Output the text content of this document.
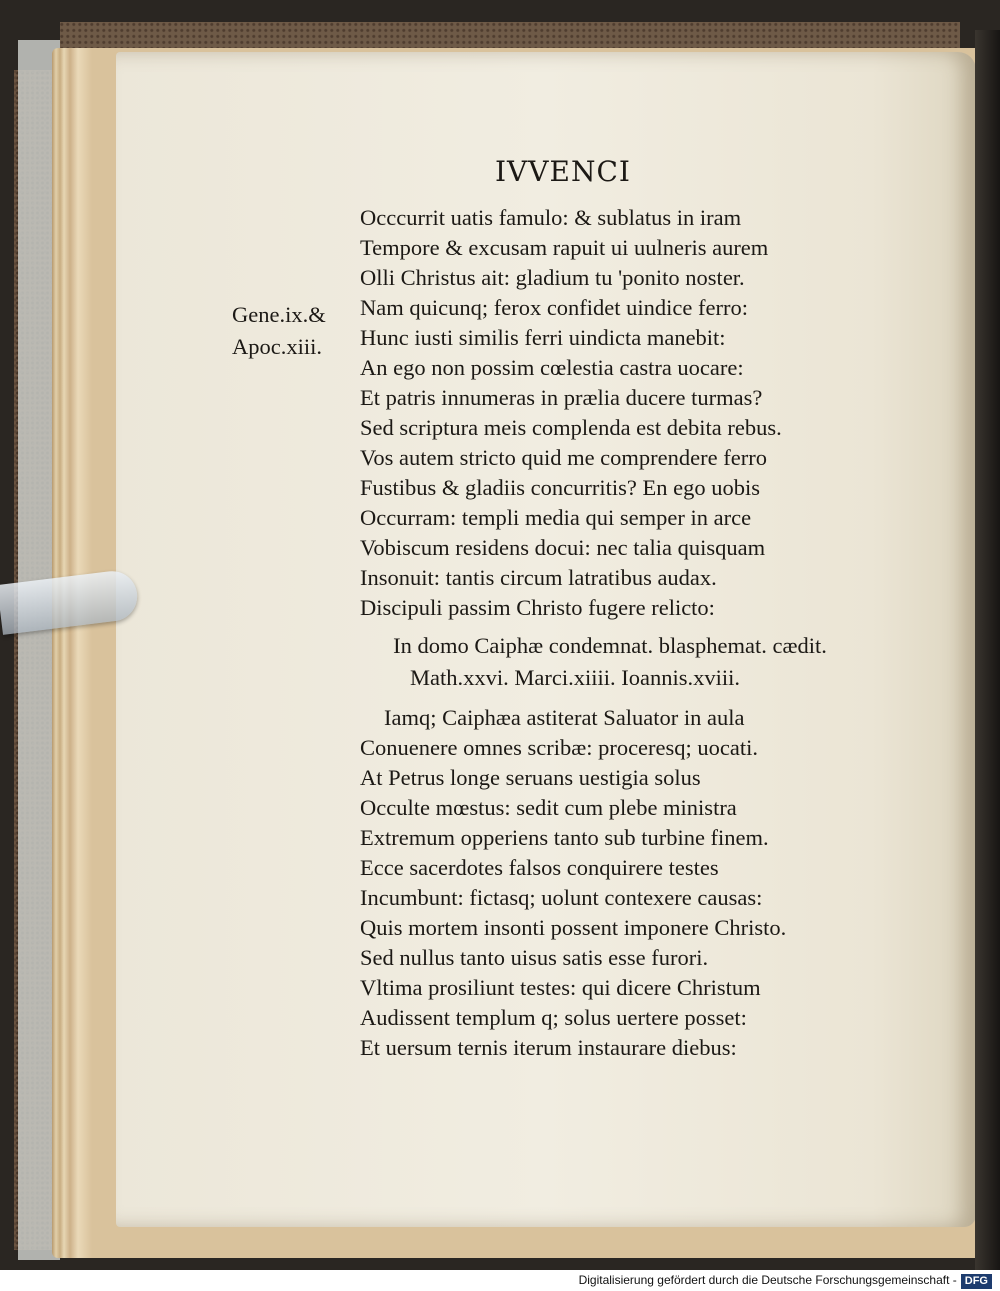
IVVENCI
Gene.ix.&
Apoc.xiii.
Occcurrit uatis famulo: & sublatus in iram
Tempore & excusam rapuit ui uulneris aurem
Olli Christus ait: gladium tu 'ponito noster.
Nam quicunq; ferox confidet uindice ferro:
Hunc iusti similis ferri uindicta manebit:
An ego non possim cœlestia castra uocare:
Et patris innumeras in prælia ducere turmas?
Sed scriptura meis complenda est debita rebus.
Vos autem stricto quid me comprendere ferro
Fustibus & gladiis concurritis? En ego uobis
Occurram: templi media qui semper in arce
Vobiscum residens docui: nec talia quisquam
Insonuit: tantis circum latratibus audax.
Discipuli passim Christo fugere relicto:
In domo Caiphæ condemnat. blasphemat. cædit.
Math.xxvi. Marci.xiiii. Ioannis.xviii.
Iamq; Caiphæa astiterat Saluator in aula
Conuenere omnes scribæ: proceresq; uocati.
At Petrus longe seruans uestigia solus
Occulte mœstus: sedit cum plebe ministra
Extremum opperiens tanto sub turbine finem.
Ecce sacerdotes falsos conquirere testes
Incumbunt: fictasq; uolunt contexere causas:
Quis mortem insonti possent imponere Christo.
Sed nullus tanto uisus satis esse furori.
Vltima prosiliunt testes: qui dicere Christum
Audissent templum q; solus uertere posset:
Et uersum ternis iterum instaurare diebus:
Digitalisierung gefördert durch die Deutsche Forschungsgemeinschaft - DFG
